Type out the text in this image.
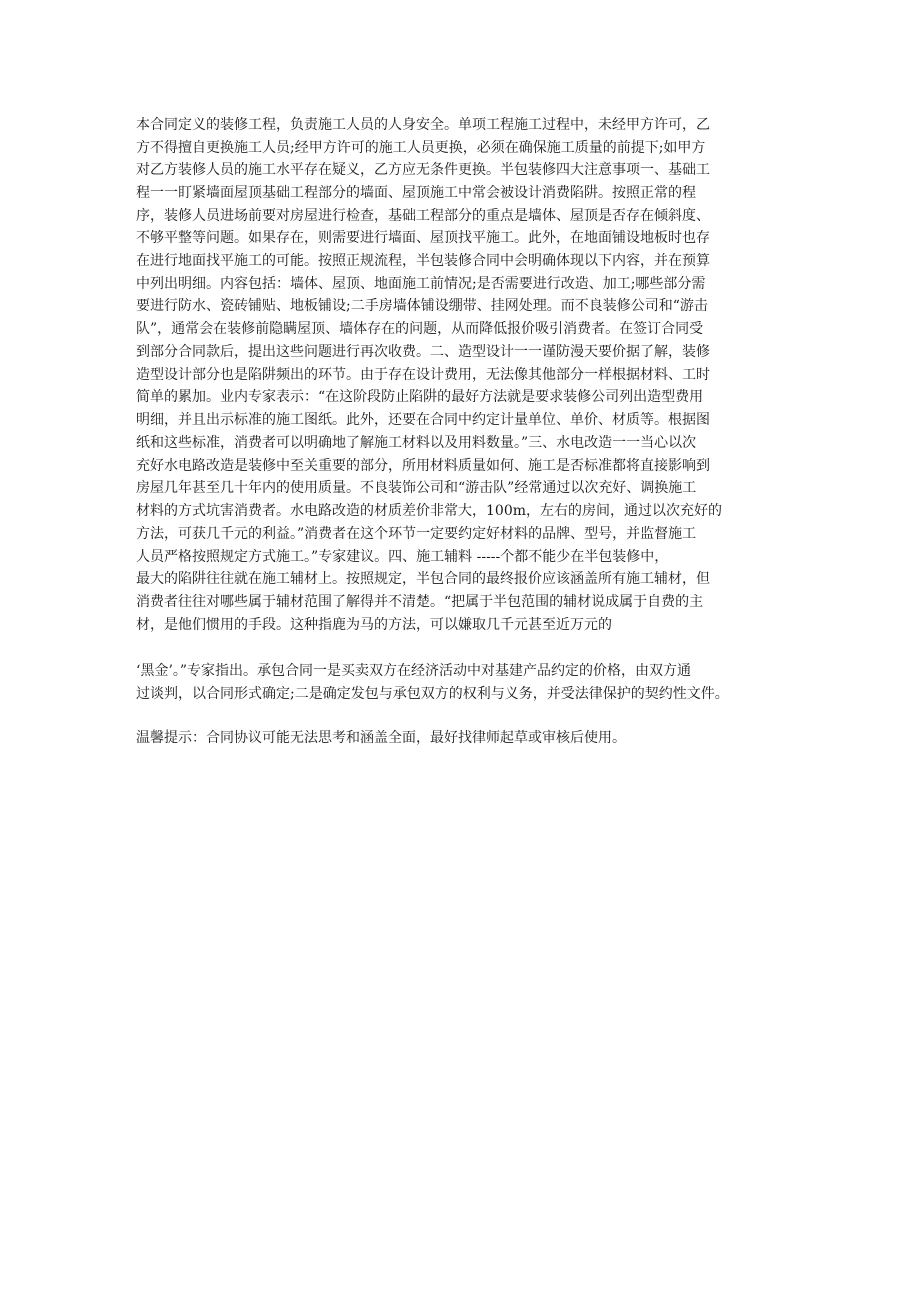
本合同定义的装修工程，负责施工人员的人身安全。单项工程施工过程中，未经甲方许可，乙
方不得擅自更换施工人员;经甲方许可的施工人员更换，必须在确保施工质量的前提下;如甲方
对乙方装修人员的施工水平存在疑义，乙方应无条件更换。半包装修四大注意事项一、基础工
程一一盯紧墙面屋顶基础工程部分的墙面、屋顶施工中常会被设计消费陷阱。按照正常的程
序，装修人员进场前要对房屋进行检查，基础工程部分的重点是墙体、屋顶是否存在倾斜度、
不够平整等问题。如果存在，则需要进行墙面、屋顶找平施工。此外，在地面铺设地板时也存
在进行地面找平施工的可能。按照正规流程，半包装修合同中会明确体现以下内容，并在预算
中列出明细。内容包括：墙体、屋顶、地面施工前情况;是否需要进行改造、加工;哪些部分需
要进行防水、瓷砖铺贴、地板铺设;二手房墙体铺设绷带、挂网处理。而不良装修公司和“游击
队”，通常会在装修前隐瞒屋顶、墙体存在的问题，从而降低报价吸引消费者。在签订合同受
到部分合同款后，提出这些问题进行再次收费。二、造型设计一一谨防漫天要价据了解，装修
造型设计部分也是陷阱频出的环节。由于存在设计费用，无法像其他部分一样根据材料、工时
简单的累加。业内专家表示：“在这阶段防止陷阱的最好方法就是要求装修公司列出造型费用
明细，并且出示标准的施工图纸。此外，还要在合同中约定计量单位、单价、材质等。根据图
纸和这些标准，消费者可以明确地了解施工材料以及用料数量。”三、水电改造一一当心以次
充好水电路改造是装修中至关重要的部分，所用材料质量如何、施工是否标准都将直接影响到
房屋几年甚至几十年内的使用质量。不良装饰公司和“游击队”经常通过以次充好、调换施工
材料的方式坑害消费者。水电路改造的材质差价非常大，100m，左右的房间，通过以次充好的
方法，可获几千元的利益。”消费者在这个环节一定要约定好材料的品牌、型号，并监督施工
人员严格按照规定方式施工。”专家建议。四、施工辅料 -----个都不能少在半包装修中，
最大的陷阱往往就在施工辅材上。按照规定，半包合同的最终报价应该涵盖所有施工辅材，但
消费者往往对哪些属于辅材范围了解得并不清楚。“把属于半包范围的辅材说成属于自费的主
材，是他们惯用的手段。这种指鹿为马的方法，可以嫌取几千元甚至近万元的
‘黑金’。”专家指出。承包合同一是买卖双方在经济活动中对基建产品约定的价格，由双方通
过谈判，以合同形式确定;二是确定发包与承包双方的权利与义务，并受法律保护的契约性文件。
温馨提示：合同协议可能无法思考和涵盖全面，最好找律师起草或审核后使用。
